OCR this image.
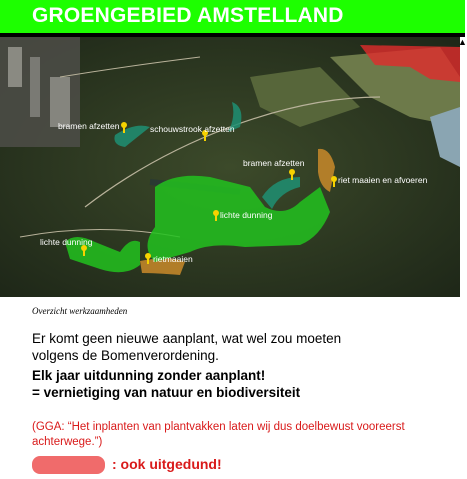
GROENGEBIED AMSTELLAND
bramen afzetten	schouwstrook afzetten
bramen afzetten
riet maaien en afvoeren
lichte dunning
lichte dunning
rietmaaien
▲
Overzicht werkzaamheden
Er komt geen nieuwe aanplant, wat wel zou moeten
volgens de Bomenverordening.
Elk jaar uitdunning zonder aanplant!
= vernietiging van natuur en biodiversiteit
(GGA: “Het inplanten van plantvakken laten wij dus doelbewust vooreerst
achterwege.”)
: ook uitgedund!
